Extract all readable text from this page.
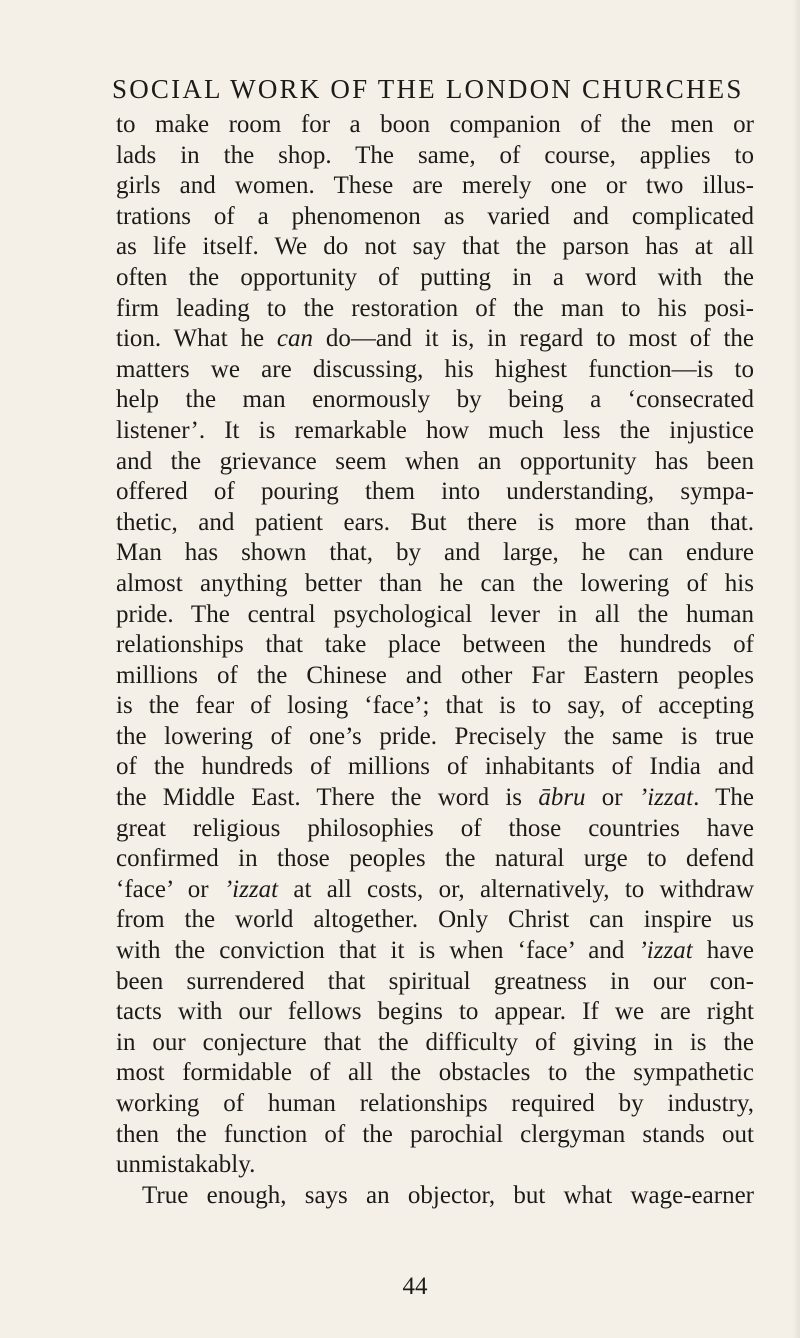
SOCIAL WORK OF THE LONDON CHURCHES
to make room for a boon companion of the men or
lads in the shop. The same, of course, applies to
girls and women. These are merely one or two illus-
trations of a phenomenon as varied and complicated
as life itself. We do not say that the parson has at all
often the opportunity of putting in a word with the
firm leading to the restoration of the man to his posi-
tion. What he can do—and it is, in regard to most of the
matters we are discussing, his highest function—is to
help the man enormously by being a ‘consecrated
listener’. It is remarkable how much less the injustice
and the grievance seem when an opportunity has been
offered of pouring them into understanding, sympa-
thetic, and patient ears. But there is more than that.
Man has shown that, by and large, he can endure
almost anything better than he can the lowering of his
pride. The central psychological lever in all the human
relationships that take place between the hundreds of
millions of the Chinese and other Far Eastern peoples
is the fear of losing ‘face’; that is to say, of accepting
the lowering of one’s pride. Precisely the same is true
of the hundreds of millions of inhabitants of India and
the Middle East. There the word is ābru or ’izzat. The
great religious philosophies of those countries have
confirmed in those peoples the natural urge to defend
‘face’ or ’izzat at all costs, or, alternatively, to withdraw
from the world altogether. Only Christ can inspire us
with the conviction that it is when ‘face’ and ’izzat have
been surrendered that spiritual greatness in our con-
tacts with our fellows begins to appear. If we are right
in our conjecture that the difficulty of giving in is the
most formidable of all the obstacles to the sympathetic
working of human relationships required by industry,
then the function of the parochial clergyman stands out
unmistakably.
True enough, says an objector, but what wage-earner
44
